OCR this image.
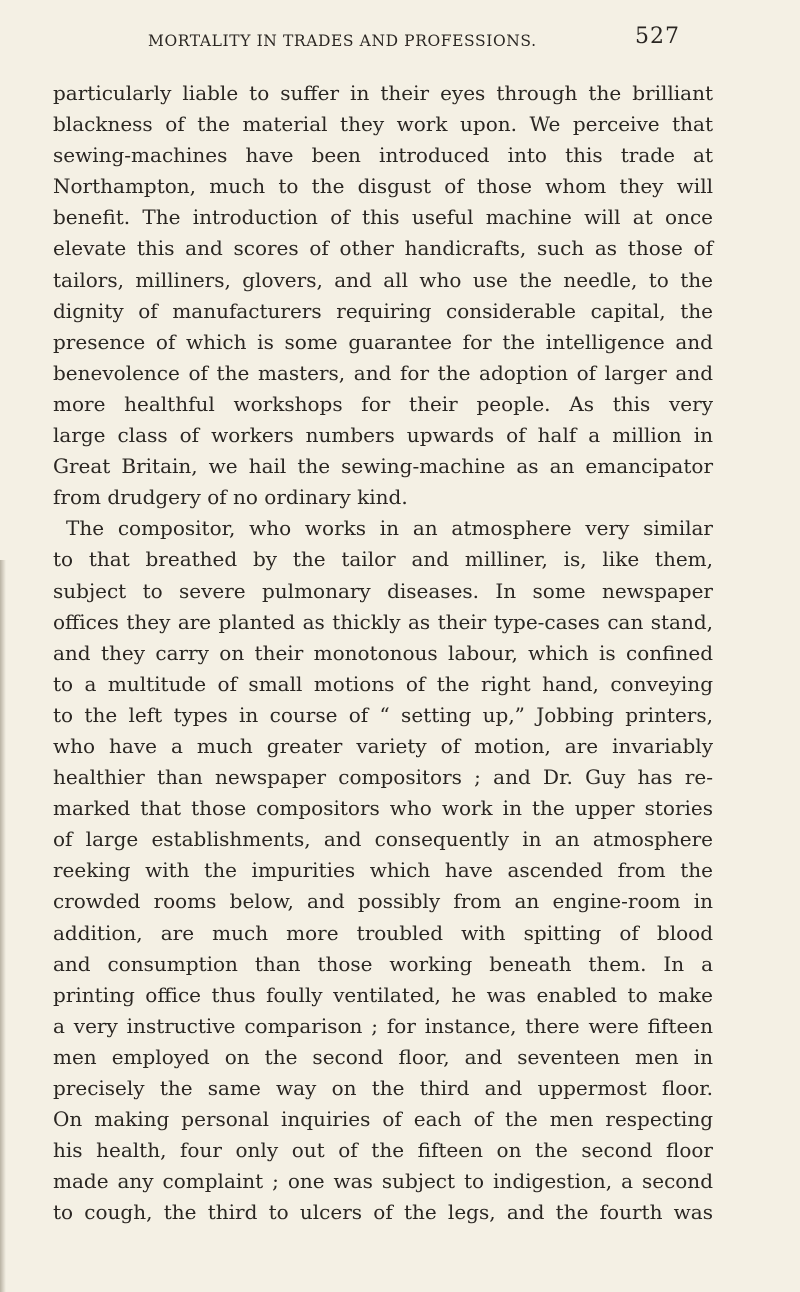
MORTALITY IN TRADES AND PROFESSIONS.	527
particularly liable to suffer in their eyes through the brilliant
blackness of the material they work upon. We perceive that
sewing-machines have been introduced into this trade at
Northampton, much to the disgust of those whom they will
benefit. The introduction of this useful machine will at once
elevate this and scores of other handicrafts, such as those of
tailors, milliners, glovers, and all who use the needle, to the
dignity of manufacturers requiring considerable capital, the
presence of which is some guarantee for the intelligence and
benevolence of the masters, and for the adoption of larger and
more healthful workshops for their people. As this very
large class of workers numbers upwards of half a million in
Great Britain, we hail the sewing-machine as an emancipator
from drudgery of no ordinary kind.
The compositor, who works in an atmosphere very similar
to that breathed by the tailor and milliner, is, like them,
subject to severe pulmonary diseases. In some newspaper
offices they are planted as thickly as their type-cases can stand,
and they carry on their monotonous labour, which is confined
to a multitude of small motions of the right hand, conveying
to the left types in course of “ setting up,” Jobbing printers,
who have a much greater variety of motion, are invariably
healthier than newspaper compositors ; and Dr. Guy has re-
marked that those compositors who work in the upper stories
of large establishments, and consequently in an atmosphere
reeking with the impurities which have ascended from the
crowded rooms below, and possibly from an engine-room in
addition, are much more troubled with spitting of blood
and consumption than those working beneath them. In a
printing office thus foully ventilated, he was enabled to make
a very instructive comparison ; for instance, there were fifteen
men employed on the second floor, and seventeen men in
precisely the same way on the third and uppermost floor.
On making personal inquiries of each of the men respecting
his health, four only out of the fifteen on the second floor
made any complaint ; one was subject to indigestion, a second
to cough, the third to ulcers of the legs, and the fourth was
